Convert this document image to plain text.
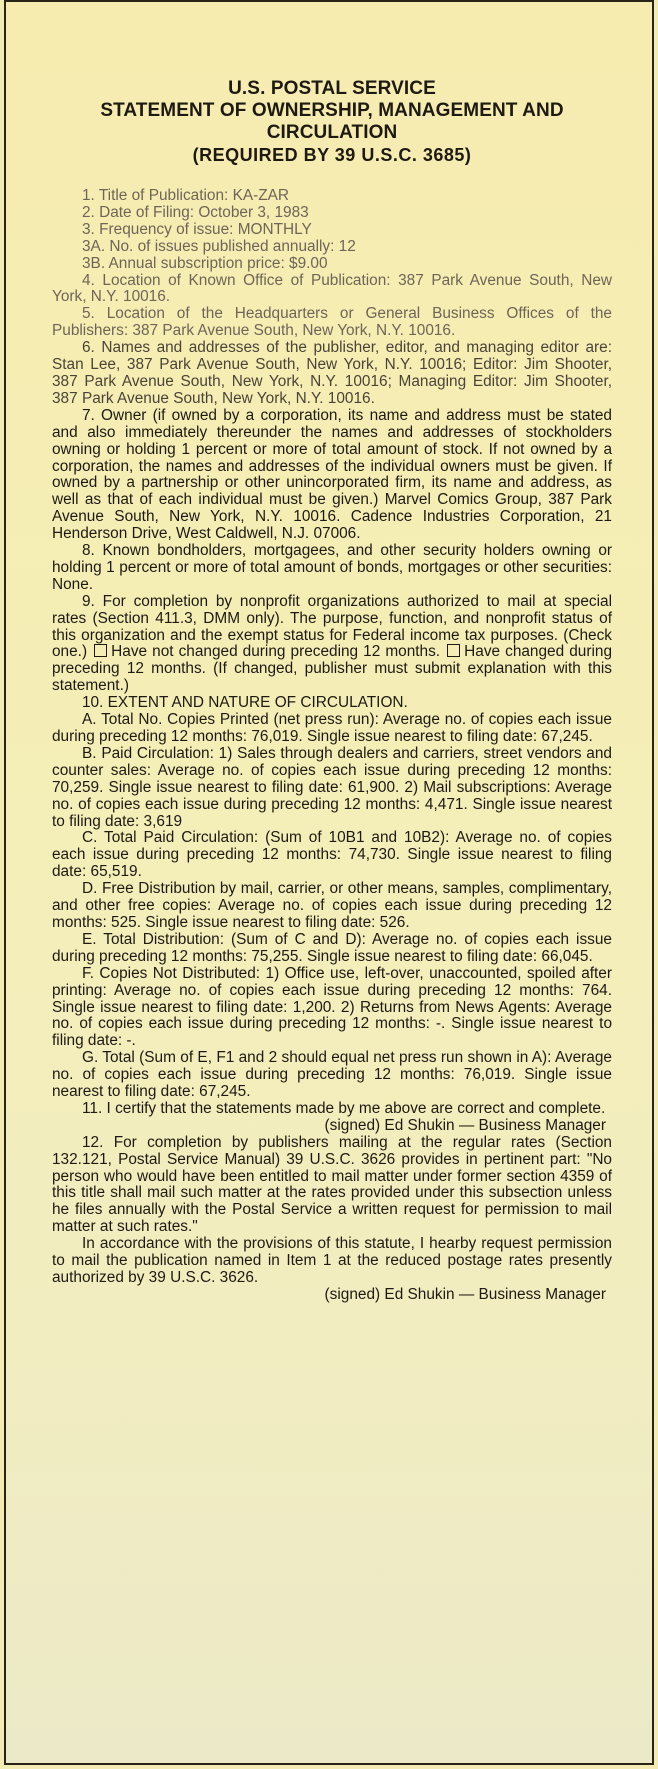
U.S. POSTAL SERVICE
STATEMENT OF OWNERSHIP, MANAGEMENT AND
CIRCULATION
(REQUIRED BY 39 U.S.C. 3685)

1. Title of Publication: KA-ZAR

2. Date of Filing: October 3, 1983

3. Frequency of issue: MONTHLY

3A. No. of issues published annually: 12

3B. Annual subscription price: $9.00

4. Location of Known Office of Publication: 387 Park Avenue South, New York, N.Y. 10016.

5. Location of the Headquarters or General Business Offices of the Publishers: 387 Park Avenue South, New York, N.Y. 10016.

6. Names and addresses of the publisher, editor, and managing editor are: Stan Lee, 387 Park Avenue South, New York, N.Y. 10016; Editor: Jim Shooter, 387 Park Avenue South, New York, N.Y. 10016; Managing Editor: Jim Shooter, 387 Park Avenue South, New York, N.Y. 10016.

7. Owner (if owned by a corporation, its name and address must be stated and also immediately thereunder the names and addresses of stockholders owning or holding 1 percent or more of total amount of stock. If not owned by a corporation, the names and addresses of the individual owners must be given. If owned by a partnership or other unincorporated firm, its name and address, as well as that of each individual must be given.) Marvel Comics Group, 387 Park Avenue South, New York, N.Y. 10016. Cadence Industries Corporation, 21 Henderson Drive, West Caldwell, N.J. 07006.

8. Known bondholders, mortgagees, and other security holders owning or holding 1 percent or more of total amount of bonds, mortgages or other securities: None.

9. For completion by nonprofit organizations authorized to mail at special rates (Section 411.3, DMM only). The purpose, function, and nonprofit status of this organization and the exempt status for Federal income tax purposes. (Check one.) Have not changed during preceding 12 months. Have changed during preceding 12 months. (If changed, publisher must submit explanation with this statement.)

10. EXTENT AND NATURE OF CIRCULATION.

A. Total No. Copies Printed (net press run): Average no. of copies each issue during preceding 12 months: 76,019. Single issue nearest to filing date: 67,245.

B. Paid Circulation: 1) Sales through dealers and carriers, street vendors and counter sales: Average no. of copies each issue during preceding 12 months: 70,259. Single issue nearest to filing date: 61,900. 2) Mail subscriptions: Average no. of copies each issue during preceding 12 months: 4,471. Single issue nearest to filing date: 3,619

C. Total Paid Circulation: (Sum of 10B1 and 10B2): Average no. of copies each issue during preceding 12 months: 74,730. Single issue nearest to filing date: 65,519.

D. Free Distribution by mail, carrier, or other means, samples, complimentary, and other free copies: Average no. of copies each issue during preceding 12 months: 525. Single issue nearest to filing date: 526.

E. Total Distribution: (Sum of C and D): Average no. of copies each issue during preceding 12 months: 75,255. Single issue nearest to filing date: 66,045.

F. Copies Not Distributed: 1) Office use, left-over, unaccounted, spoiled after printing: Average no. of copies each issue during preceding 12 months: 764. Single issue nearest to filing date: 1,200. 2) Returns from News Agents: Average no. of copies each issue during preceding 12 months: -. Single issue nearest to filing date: -.

G. Total (Sum of E, F1 and 2 should equal net press run shown in A): Average no. of copies each issue during preceding 12 months: 76,019. Single issue nearest to filing date: 67,245.

11. I certify that the statements made by me above are correct and complete.

(signed) Ed Shukin — Business Manager

12. For completion by publishers mailing at the regular rates (Section 132.121, Postal Service Manual) 39 U.S.C. 3626 provides in pertinent part: "No person who would have been entitled to mail matter under former section 4359 of this title shall mail such matter at the rates provided under this subsection unless he files annually with the Postal Service a written request for permission to mail matter at such rates."

In accordance with the provisions of this statute, I hearby request permission to mail the publication named in Item 1 at the reduced postage rates presently authorized by 39 U.S.C. 3626.

(signed) Ed Shukin — Business Manager
